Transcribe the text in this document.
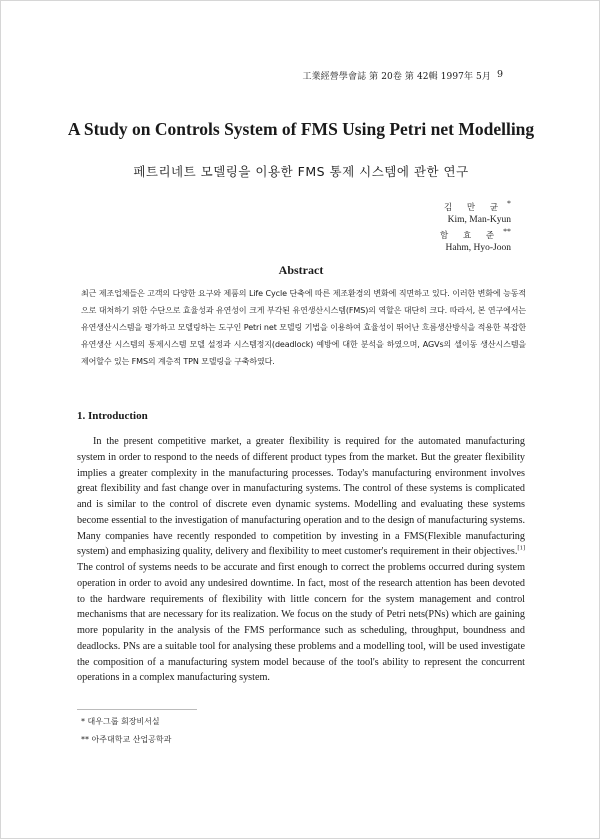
工業經營學會誌 第 20卷 第 42輯 1997年 5月 9
A Study on Controls System of FMS Using Petri net Modelling
페트리네트 모델링을 이용한 FMS 통제 시스템에 관한 연구
김 만 균 *
Kim, Man-Kyun
함 효 준 **
Hahm, Hyo-Joon
Abstract
최근 제조업체들은 고객의 다양한 요구와 제품의 Life Cycle 단축에 따른 제조환경의 변화에 직면하고 있다. 이러한 변화에 능동적으로 대처하기 위한 수단으로 효율성과 유연성이 크게 부각된 유연생산시스템(FMS)의 역할은 대단히 크다. 따라서, 본 연구에서는 유연생산시스템을 평가하고 모델링하는 도구인 Petri net 모델링 기법을 이용하여 효율성이 뛰어난 흐름생산방식을 적용한 복잡한 유연생산 시스템의 통제시스템 모델 설정과 시스템정지(deadlock) 예방에 대한 분석을 하였으며, AGVs의 셀이동 생산시스템을 제어할수 있는 FMS의 계층적 TPN 모델링을 구축하였다.
1. Introduction
In the present competitive market, a greater flexibility is required for the automated manufacturing system in order to respond to the needs of different product types from the market. But the greater flexibility implies a greater complexity in the manufacturing processes. Today's manufacturing environment involves great flexibility and fast change over in manufacturing systems. The control of these systems is complicated and is similar to the control of discrete even dynamic systems. Modelling and evaluating these systems become essential to the investigation of manufacturing operation and to the design of manufacturing systems. Many companies have recently responded to competition by investing in a FMS(Flexible manufacturing system) and emphasizing quality, delivery and flexibility to meet customer's requirement in their objectives.[1] The control of systems needs to be accurate and first enough to correct the problems occurred during system operation in order to avoid any undesired downtime. In fact, most of the research attention has been devoted to the hardware requirements of flexibility with little concern for the system management and control mechanisms that are necessary for its realization. We focus on the study of Petri nets(PNs) which are gaining more popularity in the analysis of the FMS performance such as scheduling, throughput, boundness and deadlocks. PNs are a suitable tool for analysing these problems and a modelling tool, will be used investigate the composition of a manufacturing system model because of the tool's ability to represent the concurrent operations in a complex manufacturing system.
* 대우그룹 회장비서실
** 아주대학교 산업공학과
